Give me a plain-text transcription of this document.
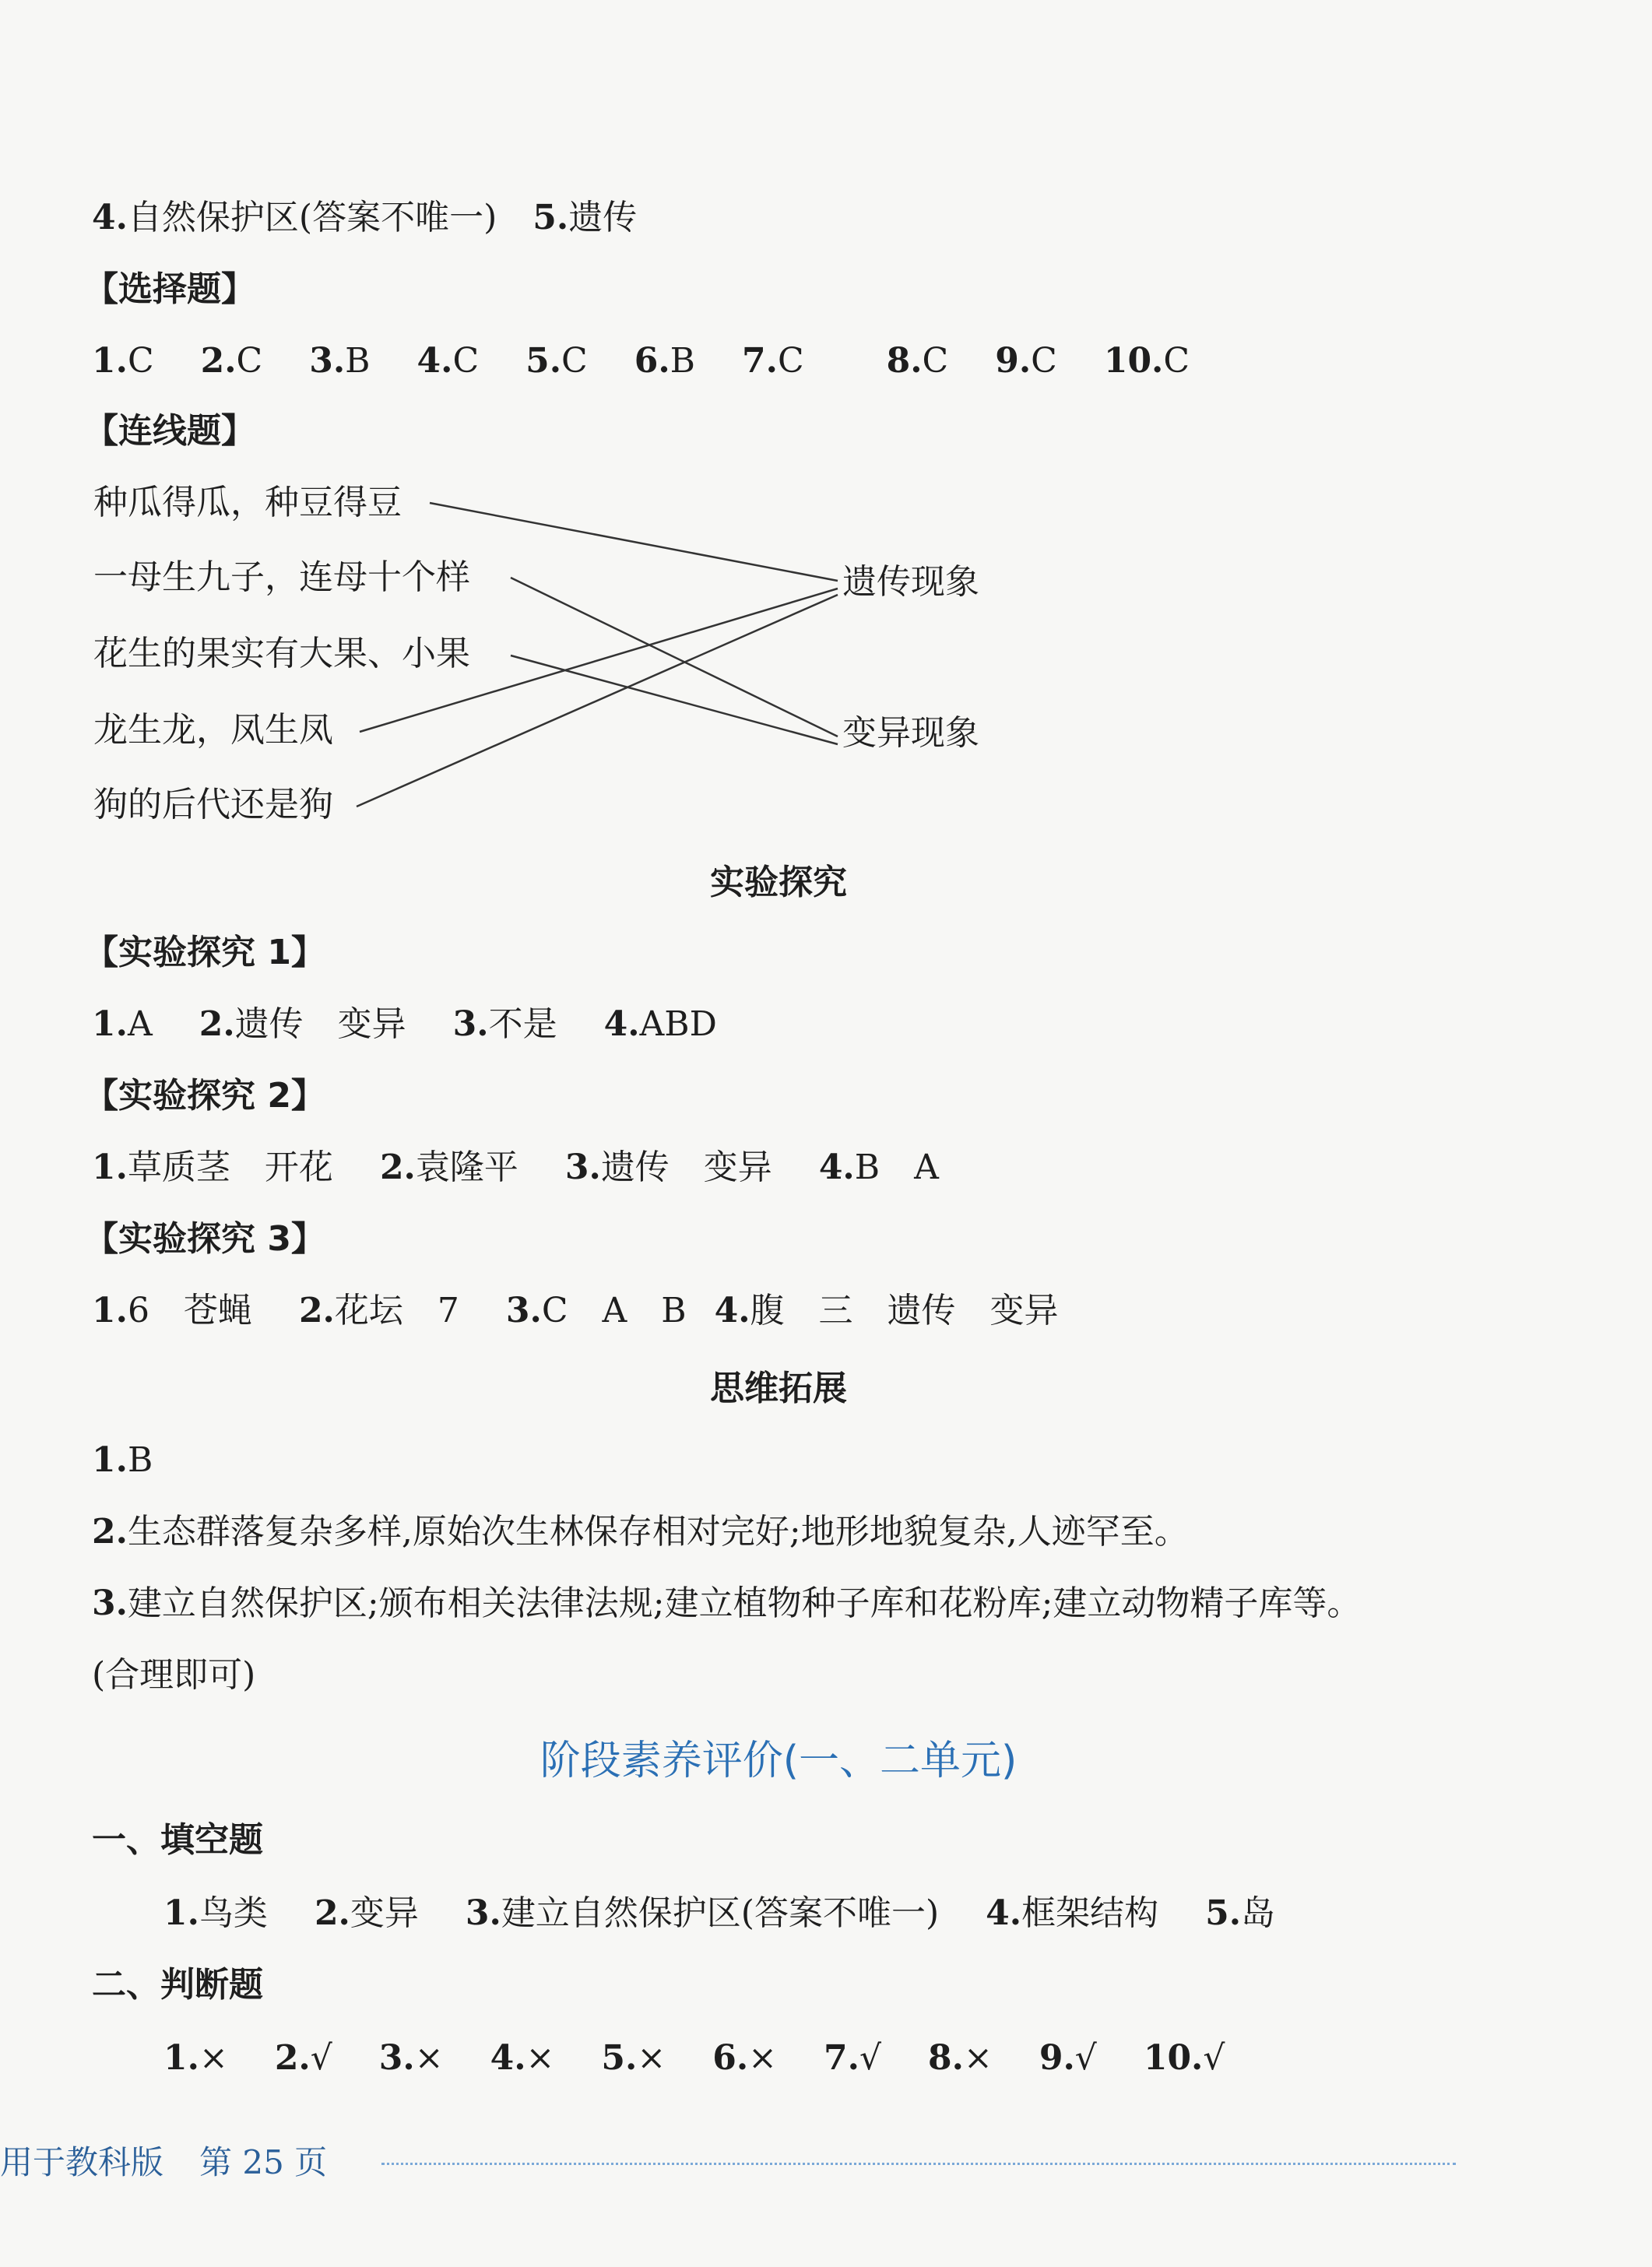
4.自然保护区(答案不唯一) 5.遗传
【选择题】
1.C 2.C 3.B 4.C 5.C 6.B 7.C 8.C 9.C 10.C
【连线题】
种瓜得瓜，种豆得豆
一母生九子，连母十个样
花生的果实有大果、小果
龙生龙，凤生凤
狗的后代还是狗
遗传现象
变异现象
实验探究
【实验探究 1】
1.A 2.遗传　变异 3.不是 4.ABD
【实验探究 2】
1.草质茎　开花 2.袁隆平 3.遗传　变异 4.B　A
【实验探究 3】
1.6　苍蝇 2.花坛　7 3.C　A　B 4.腹　三　遗传　变异
思维拓展
1.B
2.生态群落复杂多样,原始次生林保存相对完好;地形地貌复杂,人迹罕至。
3.建立自然保护区;颁布相关法律法规;建立植物种子库和花粉库;建立动物精子库等。
(合理即可)
阶段素养评价(一、二单元)
一、填空题
1.鸟类 2.变异 3.建立自然保护区(答案不唯一) 4.框架结构 5.岛
二、判断题
1.× 2.√ 3.× 4.× 5.× 6.× 7.√ 8.× 9.√ 10.√
用于教科版 第 25 页
